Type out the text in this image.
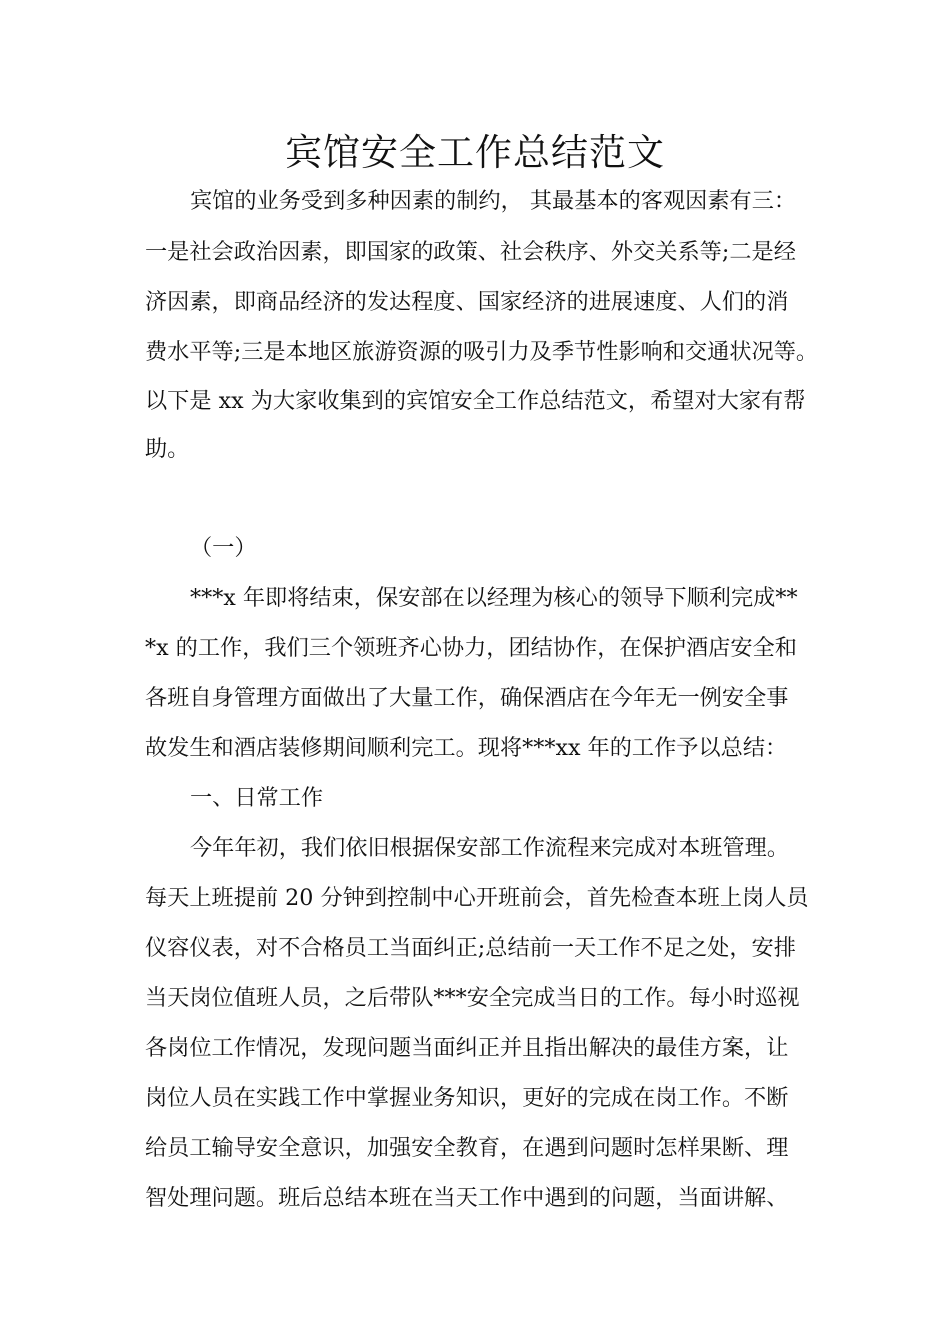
宾馆安全工作总结范文

宾馆的业务受到多种因素的制约， 其最基本的客观因素有三：

一是社会政治因素，即国家的政策、社会秩序、外交关系等;二是经

济因素，即商品经济的发达程度、国家经济的进展速度、人们的消

费水平等;三是本地区旅游资源的吸引力及季节性影响和交通状况等。

以下是 xx 为大家收集到的宾馆安全工作总结范文，希望对大家有帮

助。

（一）

***x 年即将结束，保安部在以经理为核心的领导下顺利完成**

*x 的工作，我们三个领班齐心协力，团结协作，在保护酒店安全和

各班自身管理方面做出了大量工作，确保酒店在今年无一例安全事

故发生和酒店装修期间顺利完工。现将***xx 年的工作予以总结：

一、日常工作

今年年初，我们依旧根据保安部工作流程来完成对本班管理。

每天上班提前 20 分钟到控制中心开班前会，首先检查本班上岗人员

仪容仪表，对不合格员工当面纠正;总结前一天工作不足之处，安排

当天岗位值班人员，之后带队***安全完成当日的工作。每小时巡视

各岗位工作情况，发现问题当面纠正并且指出解决的最佳方案，让

岗位人员在实践工作中掌握业务知识，更好的完成在岗工作。不断

给员工输导安全意识，加强安全教育，在遇到问题时怎样果断、理

智处理问题。班后总结本班在当天工作中遇到的问题，当面讲解、
